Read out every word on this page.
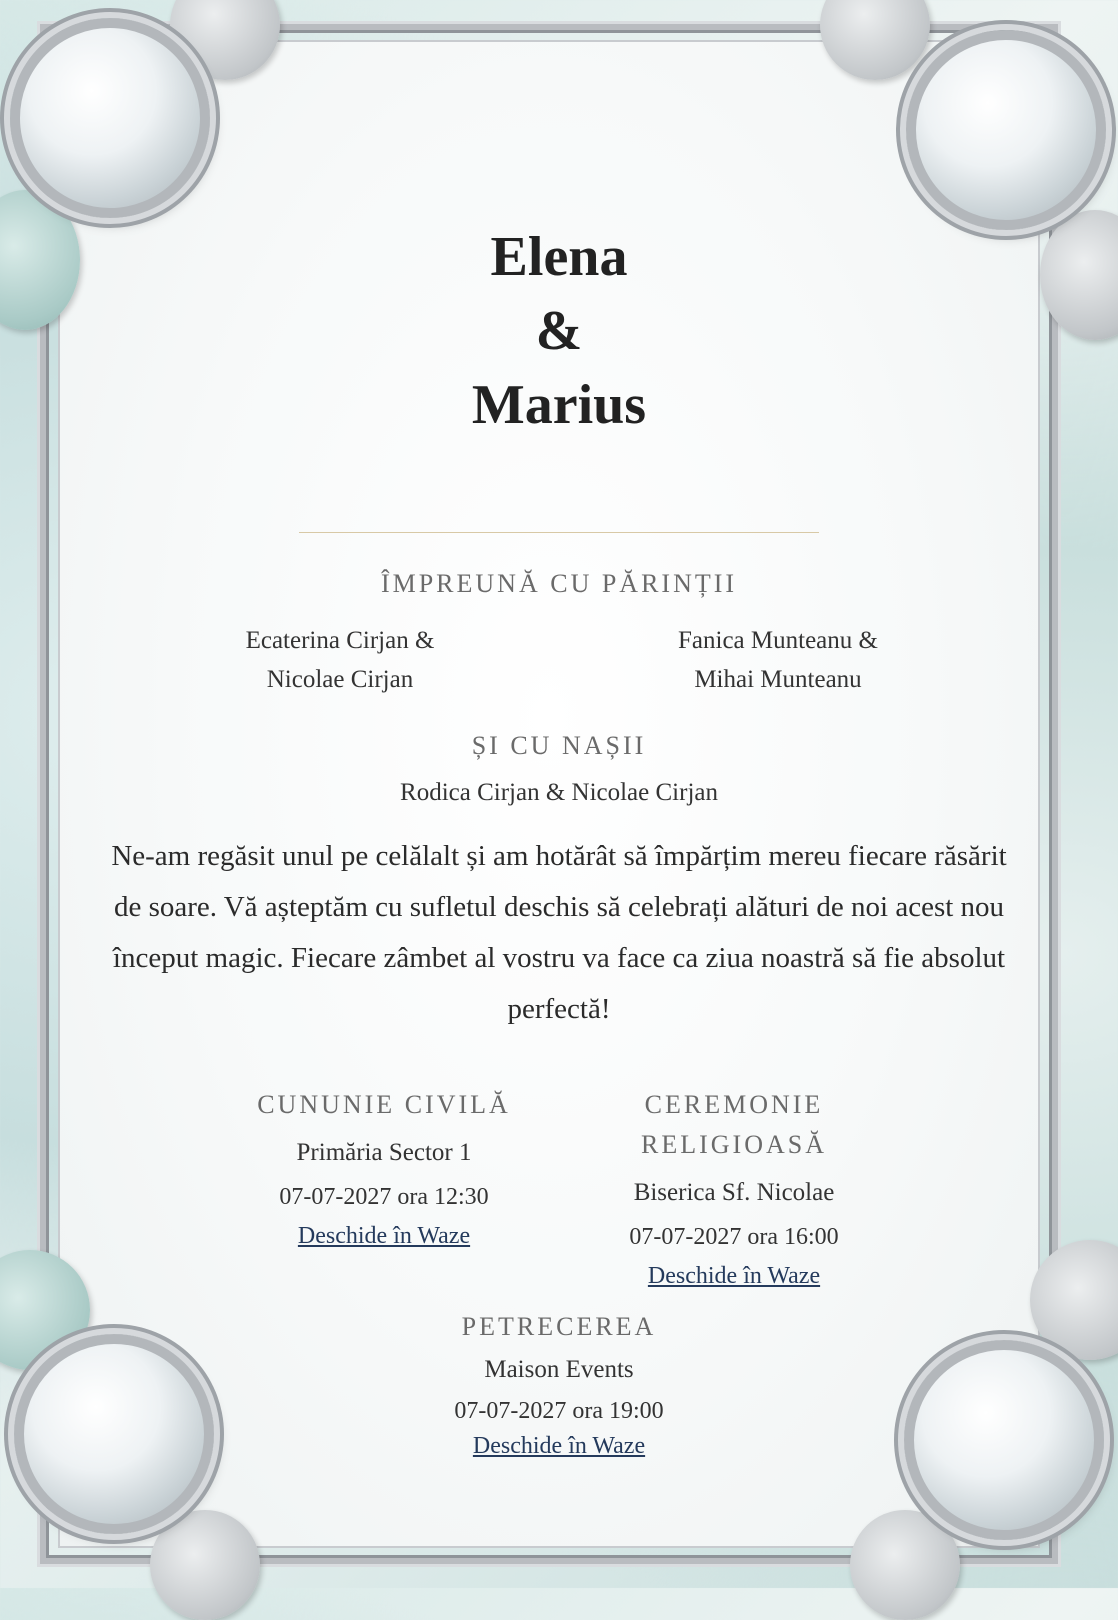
Elena
&
Marius
ÎMPREUNĂ CU PĂRINȚII
Ecaterina Cirjan &
Nicolae Cirjan
Fanica Munteanu &
Mihai Munteanu
ȘI CU NAȘII
Rodica Cirjan & Nicolae Cirjan
Ne-am regăsit unul pe celălalt și am hotărât să împărțim mereu fiecare răsărit de soare. Vă așteptăm cu sufletul deschis să celebrați alături de noi acest nou început magic. Fiecare zâmbet al vostru va face ca ziua noastră să fie absolut perfectă!
CUNUNIE CIVILĂ
Primăria Sector 1
07-07-2027 ora 12:30
Deschide în Waze
CEREMONIE
RELIGIOASĂ
Biserica Sf. Nicolae
07-07-2027 ora 16:00
Deschide în Waze
PETRECEREA
Maison Events
07-07-2027 ora 19:00
Deschide în Waze
